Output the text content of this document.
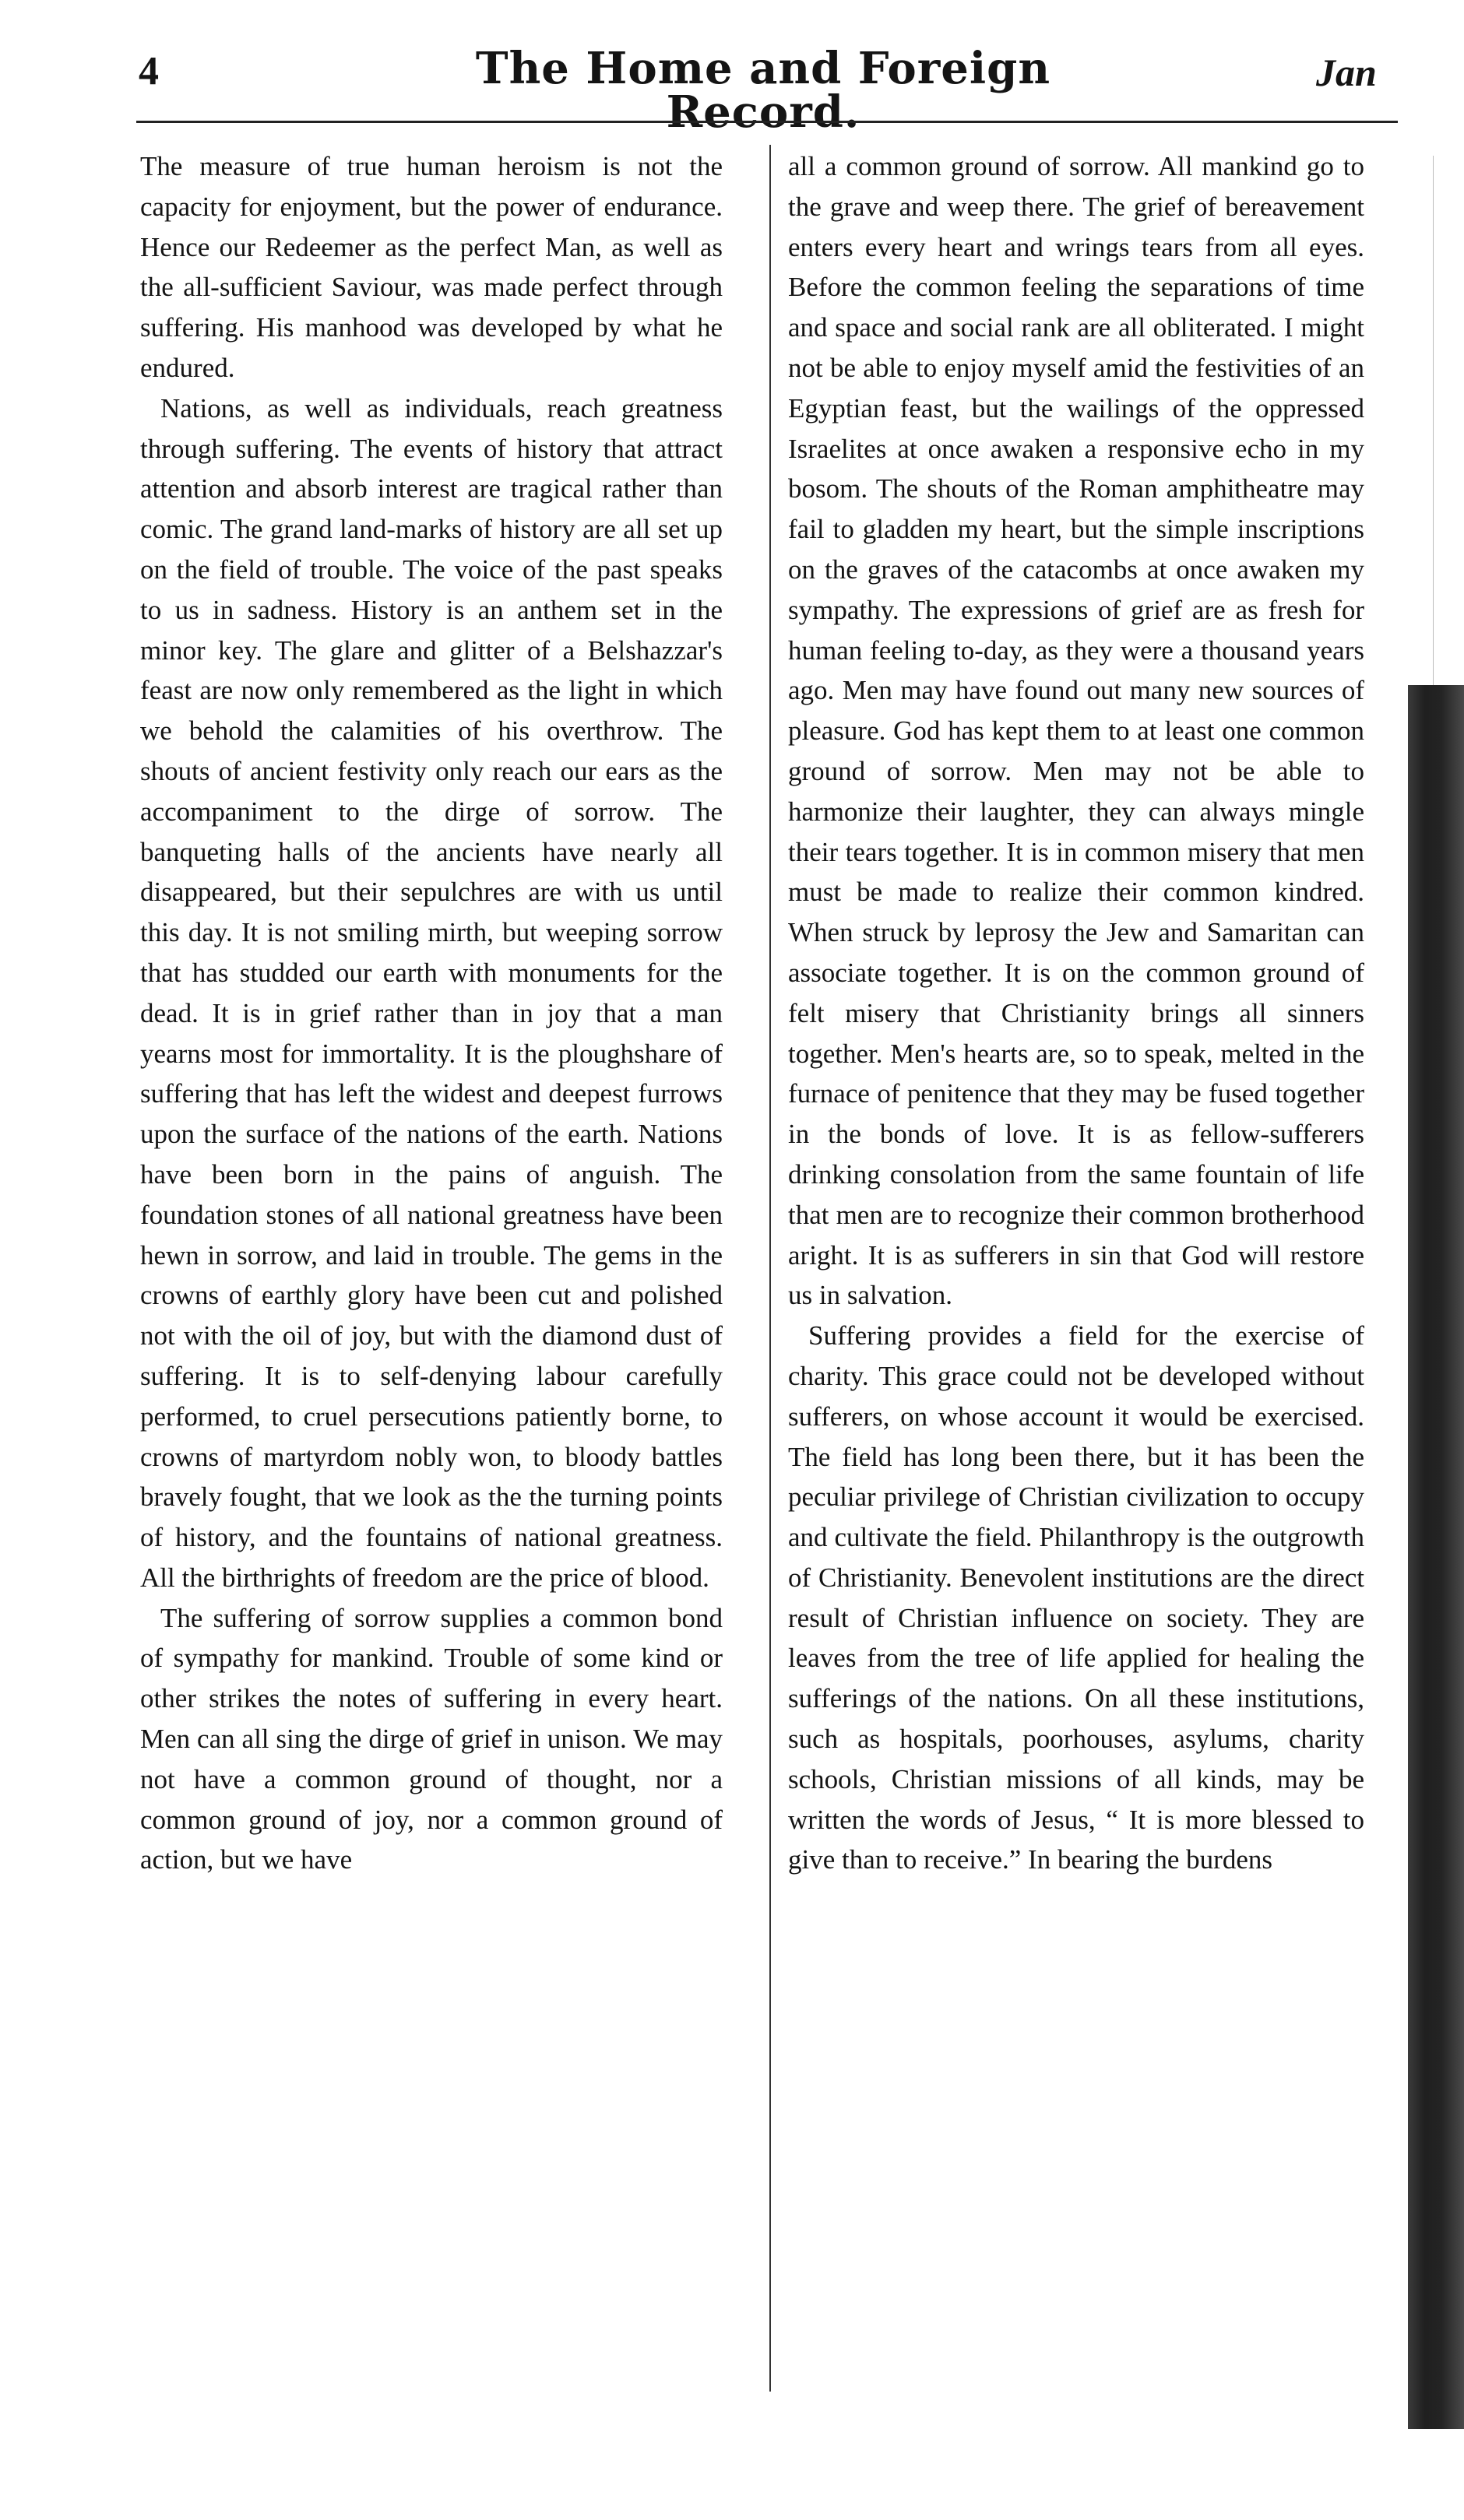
4	The Home and Foreign Record.
Jan

The measure of true human heroism is not the capacity for enjoyment, but the power of endurance. Hence our Redeemer as the perfect Man, as well as the all-sufficient Saviour, was made perfect through suffering. His manhood was developed by what he endured.

Nations, as well as individuals, reach greatness through suffering. The events of history that attract attention and absorb interest are tragical rather than comic. The grand land-marks of history are all set up on the field of trouble. The voice of the past speaks to us in sadness. History is an anthem set in the minor key. The glare and glitter of a Belshazzar's feast are now only remembered as the light in which we behold the calamities of his overthrow. The shouts of ancient festivity only reach our ears as the accompaniment to the dirge of sorrow. The banqueting halls of the ancients have nearly all disappeared, but their sepulchres are with us until this day. It is not smiling mirth, but weeping sorrow that has studded our earth with monuments for the dead. It is in grief rather than in joy that a man yearns most for immortality. It is the ploughshare of suffering that has left the widest and deepest furrows upon the surface of the nations of the earth. Nations have been born in the pains of anguish. The foundation stones of all national greatness have been hewn in sorrow, and laid in trouble. The gems in the crowns of earthly glory have been cut and polished not with the oil of joy, but with the diamond dust of suffering. It is to self-denying labour carefully performed, to cruel persecutions patiently borne, to crowns of martyrdom nobly won, to bloody battles bravely fought, that we look as the the turning points of history, and the fountains of national greatness. All the birthrights of freedom are the price of blood.

The suffering of sorrow supplies a common bond of sympathy for mankind. Trouble of some kind or other strikes the notes of suffering in every heart. Men can all sing the dirge of grief in unison. We may not have a common ground of thought, nor a common ground of joy, nor a common ground of action, but we have

all a common ground of sorrow. All mankind go to the grave and weep there. The grief of bereavement enters every heart and wrings tears from all eyes. Before the common feeling the separations of time and space and social rank are all obliterated. I might not be able to enjoy myself amid the festivities of an Egyptian feast, but the wailings of the oppressed Israelites at once awaken a responsive echo in my bosom. The shouts of the Roman amphitheatre may fail to gladden my heart, but the simple inscriptions on the graves of the catacombs at once awaken my sympathy. The expressions of grief are as fresh for human feeling to-day, as they were a thousand years ago. Men may have found out many new sources of pleasure. God has kept them to at least one common ground of sorrow. Men may not be able to harmonize their laughter, they can always mingle their tears together. It is in common misery that men must be made to realize their common kindred. When struck by leprosy the Jew and Samaritan can associate together. It is on the common ground of felt misery that Christianity brings all sinners together. Men's hearts are, so to speak, melted in the furnace of penitence that they may be fused together in the bonds of love. It is as fellow-sufferers drinking consolation from the same fountain of life that men are to recognize their common brotherhood aright. It is as sufferers in sin that God will restore us in salvation.

Suffering provides a field for the exercise of charity. This grace could not be developed without sufferers, on whose account it would be exercised. The field has long been there, but it has been the peculiar privilege of Christian civilization to occupy and cultivate the field. Philanthropy is the outgrowth of Christianity. Benevolent institutions are the direct result of Christian influence on society. They are leaves from the tree of life applied for healing the sufferings of the nations. On all these institutions, such as hospitals, poorhouses, asylums, charity schools, Christian missions of all kinds, may be written the words of Jesus, “ It is more blessed to give than to receive.” In bearing the burdens
